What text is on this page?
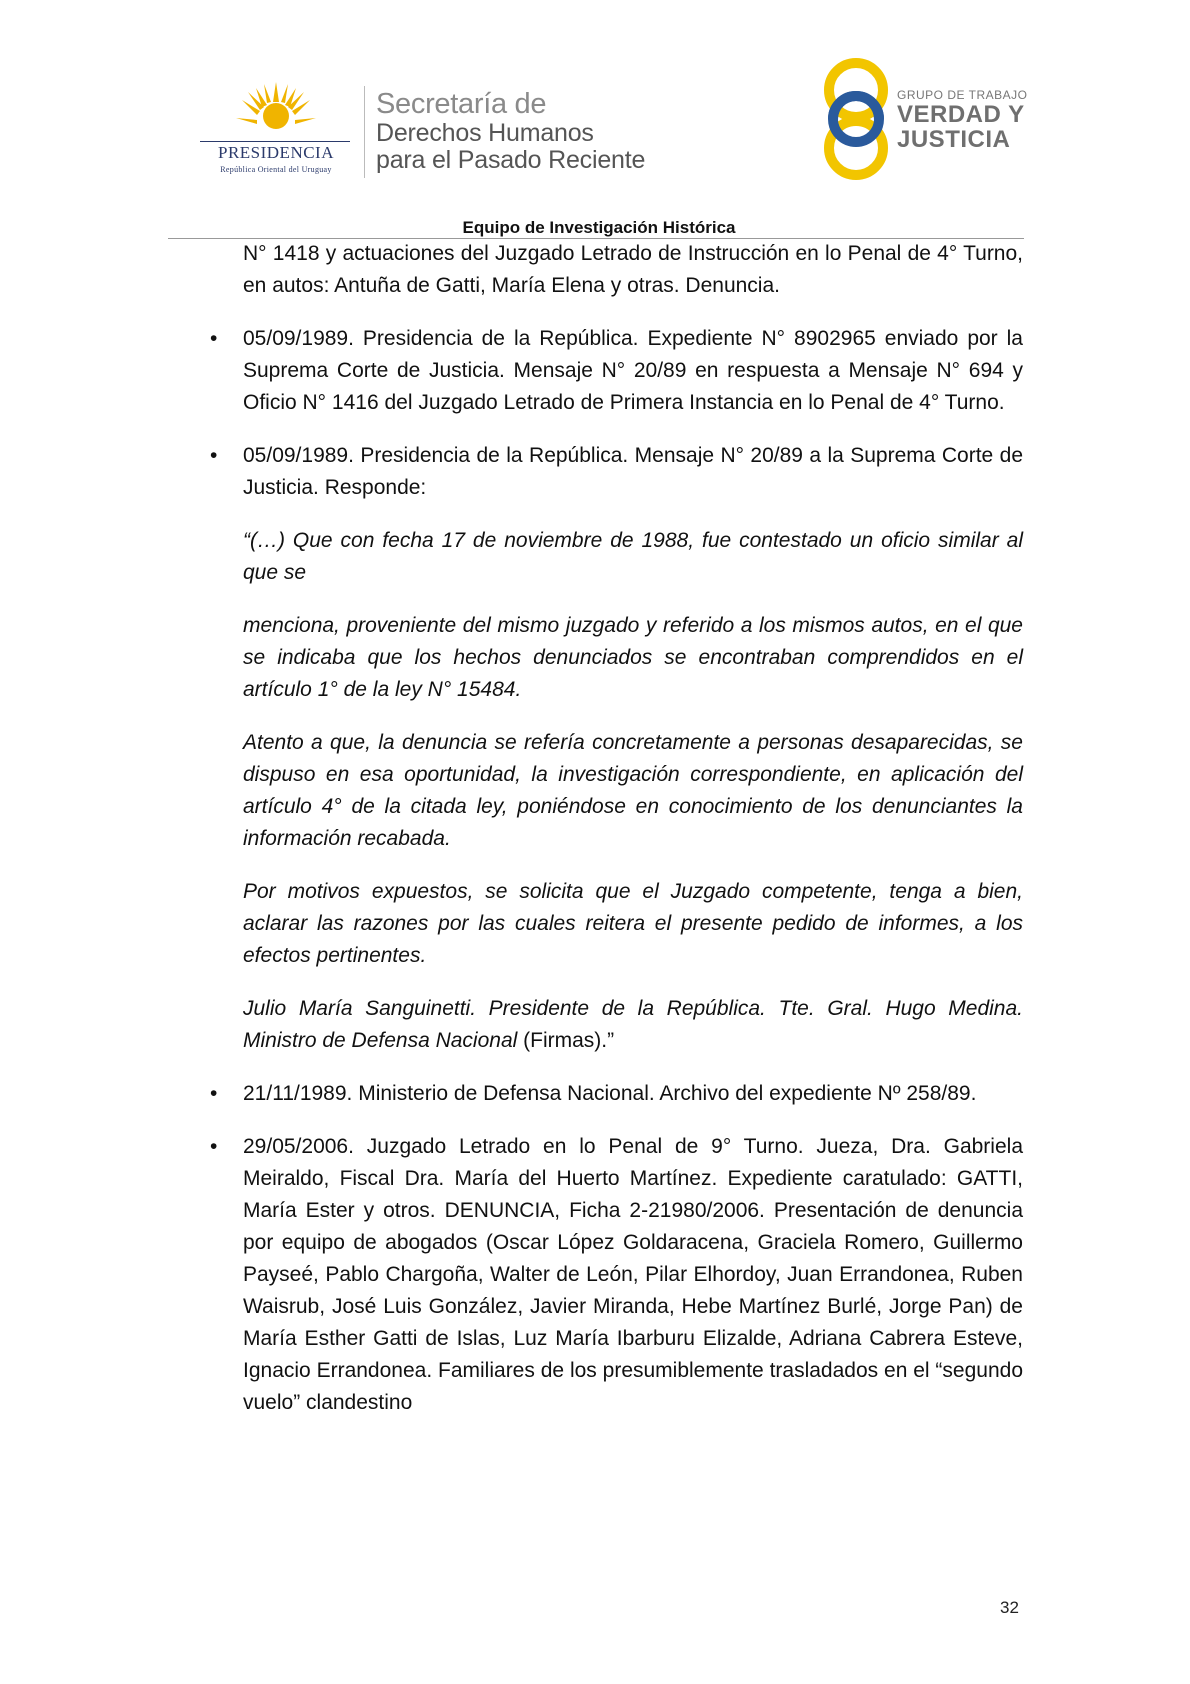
PRESIDENCIA
República Oriental del Uruguay
Secretaría de
Derechos Humanos
para el Pasado Reciente
GRUPO DE TRABAJO
VERDAD Y
JUSTICIA
Equipo de Investigación Histórica

N° 1418 y actuaciones del Juzgado Letrado de Instrucción en lo Penal de 4° Turno, en autos: Antuña de Gatti, María Elena y otras. Denuncia.

• 05/09/1989. Presidencia de la República. Expediente N° 8902965 enviado por la Suprema Corte de Justicia. Mensaje N° 20/89 en respuesta a Mensaje N° 694 y Oficio N° 1416 del Juzgado Letrado de Primera Instancia en lo Penal de 4° Turno.

• 05/09/1989. Presidencia de la República. Mensaje N° 20/89 a la Suprema Corte de Justicia. Responde:

“(…) Que con fecha 17 de noviembre de 1988, fue contestado un oficio similar al que se

menciona, proveniente del mismo juzgado y referido a los mismos autos, en el que se indicaba que los hechos denunciados se encontraban comprendidos en el artículo 1° de la ley N° 15484.

Atento a que, la denuncia se refería concretamente a personas desaparecidas, se dispuso en esa oportunidad, la investigación correspondiente, en aplicación del artículo 4° de la citada ley, poniéndose en conocimiento de los denunciantes la información recabada.

Por motivos expuestos, se solicita que el Juzgado competente, tenga a bien, aclarar las razones por las cuales reitera el presente pedido de informes, a los efectos pertinentes.

Julio María Sanguinetti. Presidente de la República. Tte. Gral. Hugo Medina. Ministro de Defensa Nacional (Firmas).”

• 21/11/1989. Ministerio de Defensa Nacional. Archivo del expediente Nº 258/89.

• 29/05/2006. Juzgado Letrado en lo Penal de 9° Turno. Jueza, Dra. Gabriela Meiraldo, Fiscal Dra. María del Huerto Martínez. Expediente caratulado: GATTI, María Ester y otros. DENUNCIA, Ficha 2-21980/2006. Presentación de denuncia por equipo de abogados (Oscar López Goldaracena, Graciela Romero, Guillermo Payseé, Pablo Chargoña, Walter de León, Pilar Elhordoy, Juan Errandonea, Ruben Waisrub, José Luis González, Javier Miranda, Hebe Martínez Burlé, Jorge Pan) de María Esther Gatti de Islas, Luz María Ibarburu Elizalde, Adriana Cabrera Esteve, Ignacio Errandonea. Familiares de los presumiblemente trasladados en el “segundo vuelo” clandestino

32
